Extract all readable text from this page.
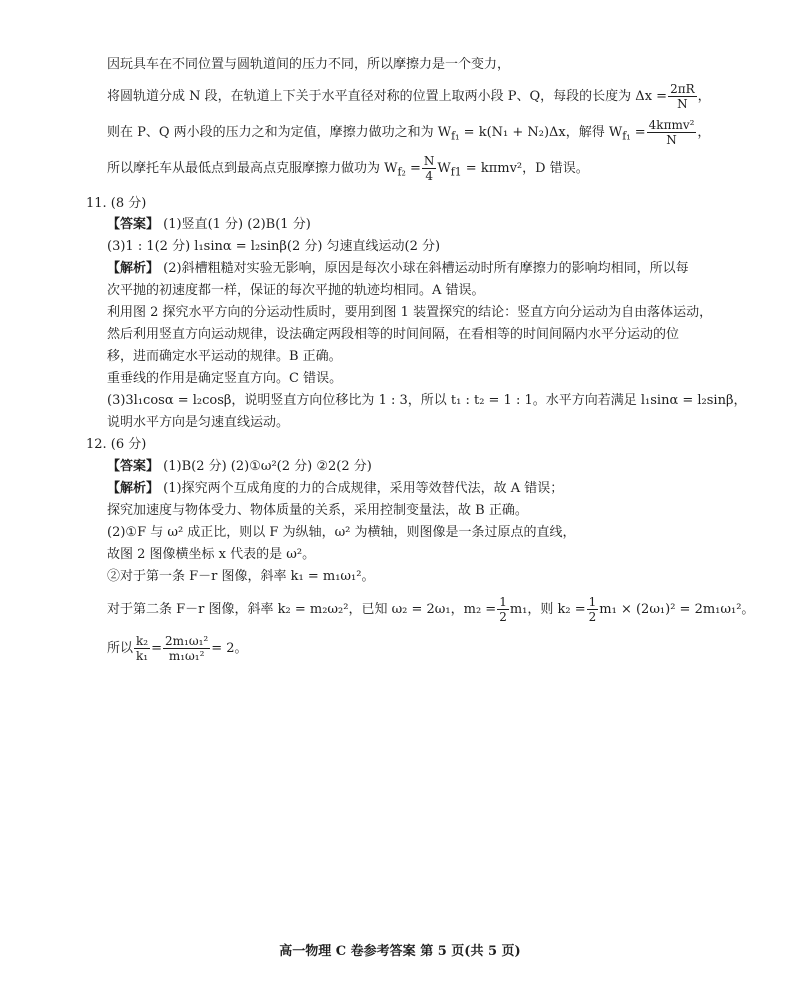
因玩具车在不同位置与圆轨道间的压力不同，所以摩擦力是一个变力，
将圆轨道分成 N 段，在轨道上下关于水平直径对称的位置上取两小段 P、Q，每段的长度为 $\Delta x = \frac{2\pi R}{N}$ ，
则在 P、Q 两小段的压力之和为定值，摩擦力做功之和为 $W_{f_1} = k(N_1 + N_2)\Delta x$，解得 $W_{f_1} = \frac{\text{4kπmv²}}{N}$ ，
所以摩托车从最低点到最高点克服摩擦力做功为 $W_{f_2} = \frac{N}{4} W_{f1} = k\pi mv^2$，D 错误。
11. (8 分)
【答案】 (1)竖直(1 分) (2)B(1 分)
(3)1 : 1(2 分) l₁sinα = l₂sinβ(2 分) 匀速直线运动(2 分)
【解析】 (2)斜槽粗糙对实验无影响，原因是每次小球在斜槽运动时所有摩擦力的影响均相同，所以每
次平抛的初速度都一样，保证的每次平抛的轨迹均相同。A 错误。
利用图 2 探究水平方向的分运动性质时，要用到图 1 装置探究的结论：竖直方向分运动为自由落体运动，
然后利用竖直方向运动规律，设法确定两段相等的时间间隔，在看相等的时间间隔内水平分运动的位
移，进而确定水平运动的规律。B 正确。
重垂线的作用是确定竖直方向。C 错误。
(3)3l₁cosα = l₂cosβ，说明竖直方向位移比为 1 : 3，所以 t₁ : t₂ = 1 : 1。水平方向若满足 l₁sinα = l₂sinβ，
说明水平方向是匀速直线运动。
12. (6 分)
【答案】 (1)B(2 分) (2)①ω²(2 分) ②2(2 分)
【解析】 (1)探究两个互成角度的力的合成规律，采用等效替代法，故 A 错误；
探究加速度与物体受力、物体质量的关系，采用控制变量法，故 B 正确。
(2)①F 与 ω² 成正比，则以 F 为纵轴，ω² 为横轴，则图像是一条过原点的直线，
故图 2 图像横坐标 x 代表的是 ω²。
②对于第一条 F－r 图像，斜率 k₁ = m₁ω₁²。
对于第二条 F－r 图像，斜率 k₂ = m₂ω₂²，已知 ω₂ = 2ω₁，$m_2 = \frac{1}{2} m_1$，则 $k_2 = \frac{1}{2} m_1 \times (2\omega_1)^2 = 2m_1\omega_1^2$。
所以 $\frac{\text{k₂}}{\text{k₁}} = \frac{\text{2m₁ω₁²}}{\text{m₁ω₁²}} = 2$。
高一物理 C 卷参考答案 第 5 页(共 5 页)
